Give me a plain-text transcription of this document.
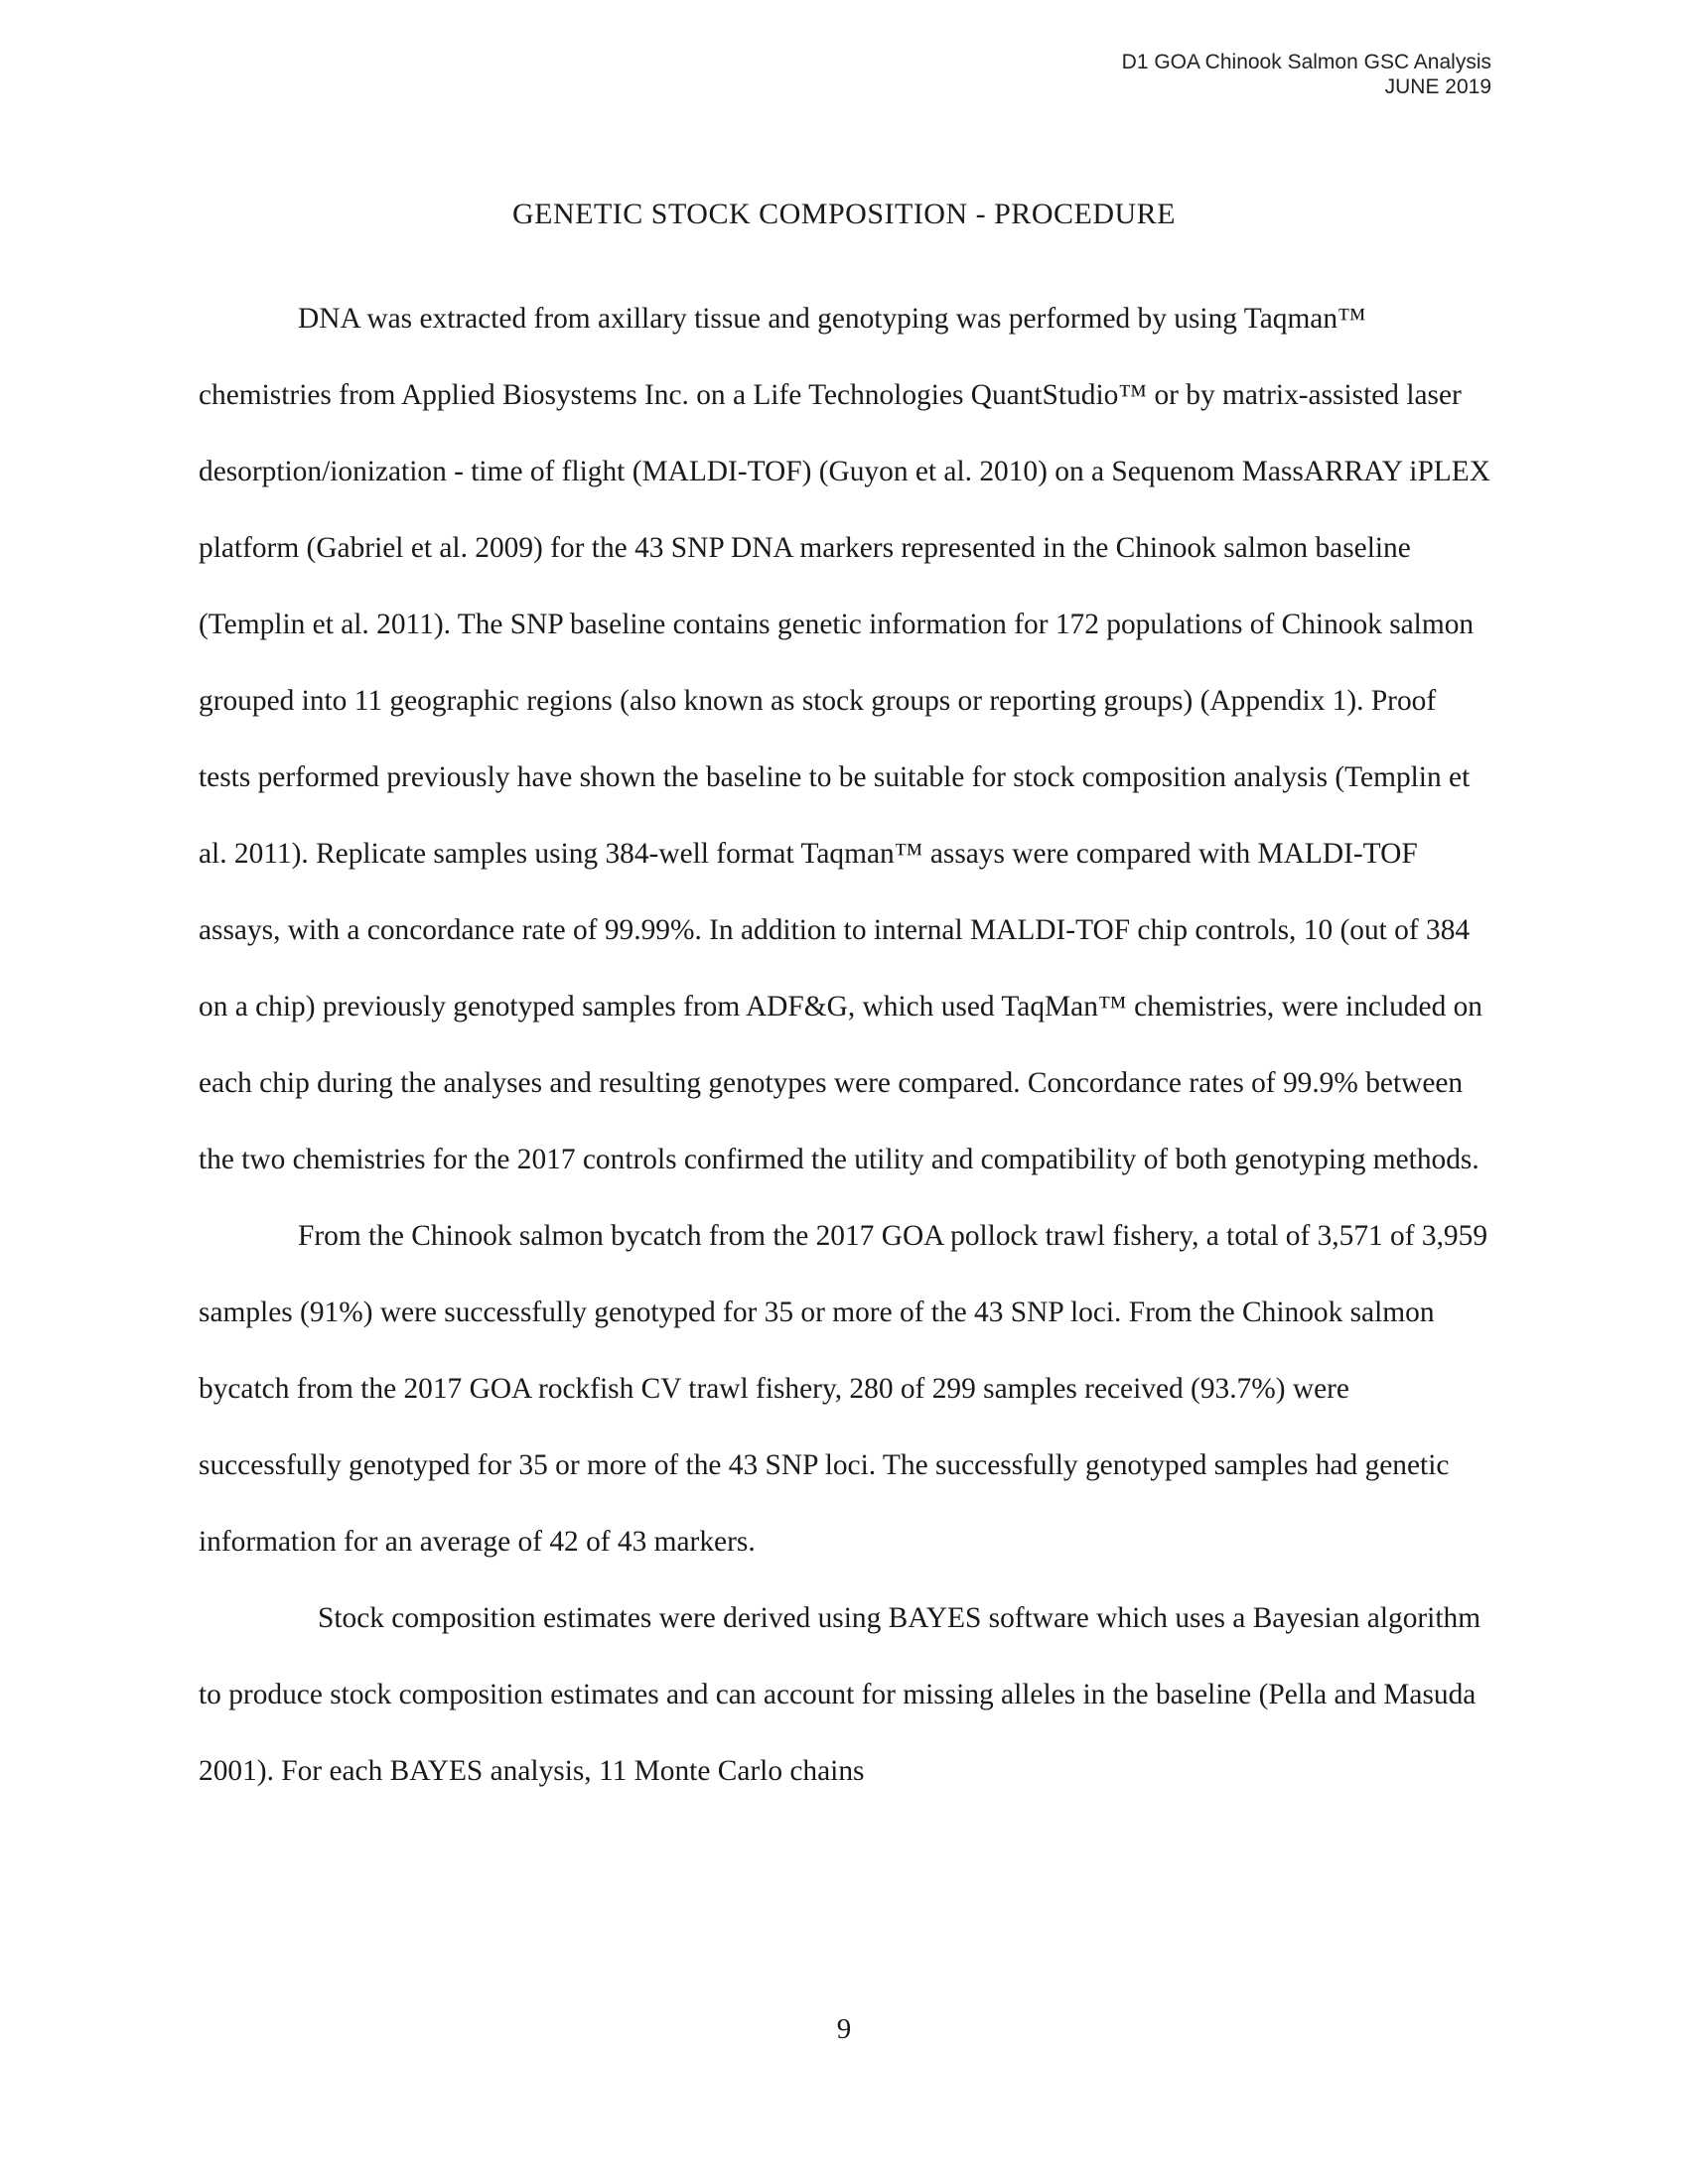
D1 GOA Chinook Salmon GSC Analysis
JUNE 2019
GENETIC STOCK COMPOSITION - PROCEDURE

DNA was extracted from axillary tissue and genotyping was performed by using Taqman™ chemistries from Applied Biosystems Inc. on a Life Technologies QuantStudio™ or by matrix-assisted laser desorption/ionization - time of flight (MALDI-TOF) (Guyon et al. 2010) on a Sequenom MassARRAY iPLEX platform (Gabriel et al. 2009) for the 43 SNP DNA markers represented in the Chinook salmon baseline (Templin et al. 2011). The SNP baseline contains genetic information for 172 populations of Chinook salmon grouped into 11 geographic regions (also known as stock groups or reporting groups) (Appendix 1). Proof tests performed previously have shown the baseline to be suitable for stock composition analysis (Templin et al. 2011). Replicate samples using 384-well format Taqman™ assays were compared with MALDI-TOF assays, with a concordance rate of 99.99%. In addition to internal MALDI-TOF chip controls, 10 (out of 384 on a chip) previously genotyped samples from ADF&G, which used TaqMan™ chemistries, were included on each chip during the analyses and resulting genotypes were compared. Concordance rates of 99.9% between the two chemistries for the 2017 controls confirmed the utility and compatibility of both genotyping methods.

From the Chinook salmon bycatch from the 2017 GOA pollock trawl fishery, a total of 3,571 of 3,959 samples (91%) were successfully genotyped for 35 or more of the 43 SNP loci. From the Chinook salmon bycatch from the 2017 GOA rockfish CV trawl fishery, 280 of 299 samples received (93.7%) were successfully genotyped for 35 or more of the 43 SNP loci. The successfully genotyped samples had genetic information for an average of 42 of 43 markers.

Stock composition estimates were derived using BAYES software which uses a Bayesian algorithm to produce stock composition estimates and can account for missing alleles in the baseline (Pella and Masuda 2001). For each BAYES analysis, 11 Monte Carlo chains

9
